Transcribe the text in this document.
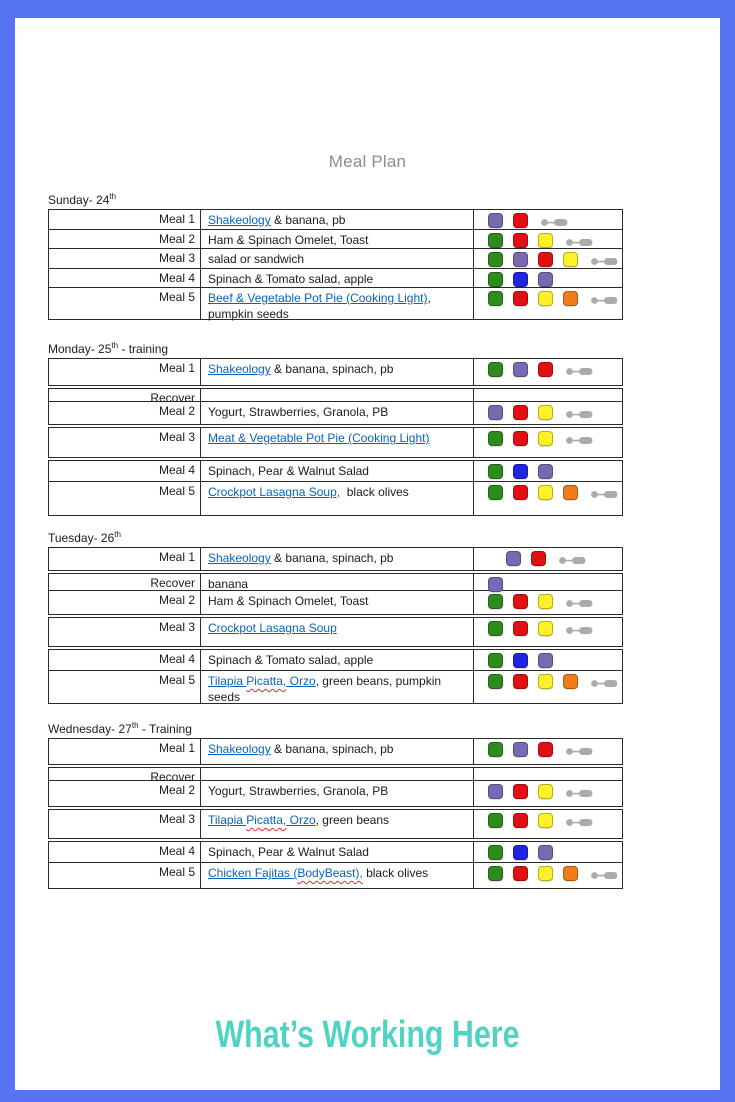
Meal Plan
Sunday- 24th
Meal 1	Shakeology & banana, pb
Meal 2	Ham & Spinach Omelet, Toast
Meal 3	salad or sandwich
Meal 4	Spinach & Tomato salad, apple
Meal 5	Beef & Vegetable Pot Pie (Cooking Light), pumpkin seeds
Monday- 25th - training
Meal 1	Shakeology & banana, spinach, pb
Recover
Meal 2	Yogurt, Strawberries, Granola, PB
Meal 3	Meat & Vegetable Pot Pie (Cooking Light)
Meal 4	Spinach, Pear & Walnut Salad
Meal 5	Crockpot Lasagna Soup,  black olives
Tuesday- 26th
Meal 1	Shakeology & banana, spinach, pb
Recover	banana
Meal 2	Ham & Spinach Omelet, Toast
Meal 3	Crockpot Lasagna Soup
Meal 4	Spinach & Tomato salad, apple
Meal 5	Tilapia Picatta, Orzo, green beans, pumpkin seeds
Wednesday- 27th - Training
Meal 1	Shakeology & banana, spinach, pb
Recover
Meal 2	Yogurt, Strawberries, Granola, PB
Meal 3	Tilapia Picatta, Orzo, green beans
Meal 4	Spinach, Pear & Walnut Salad
Meal 5	Chicken Fajitas (BodyBeast), black olives
What’s Working Here
